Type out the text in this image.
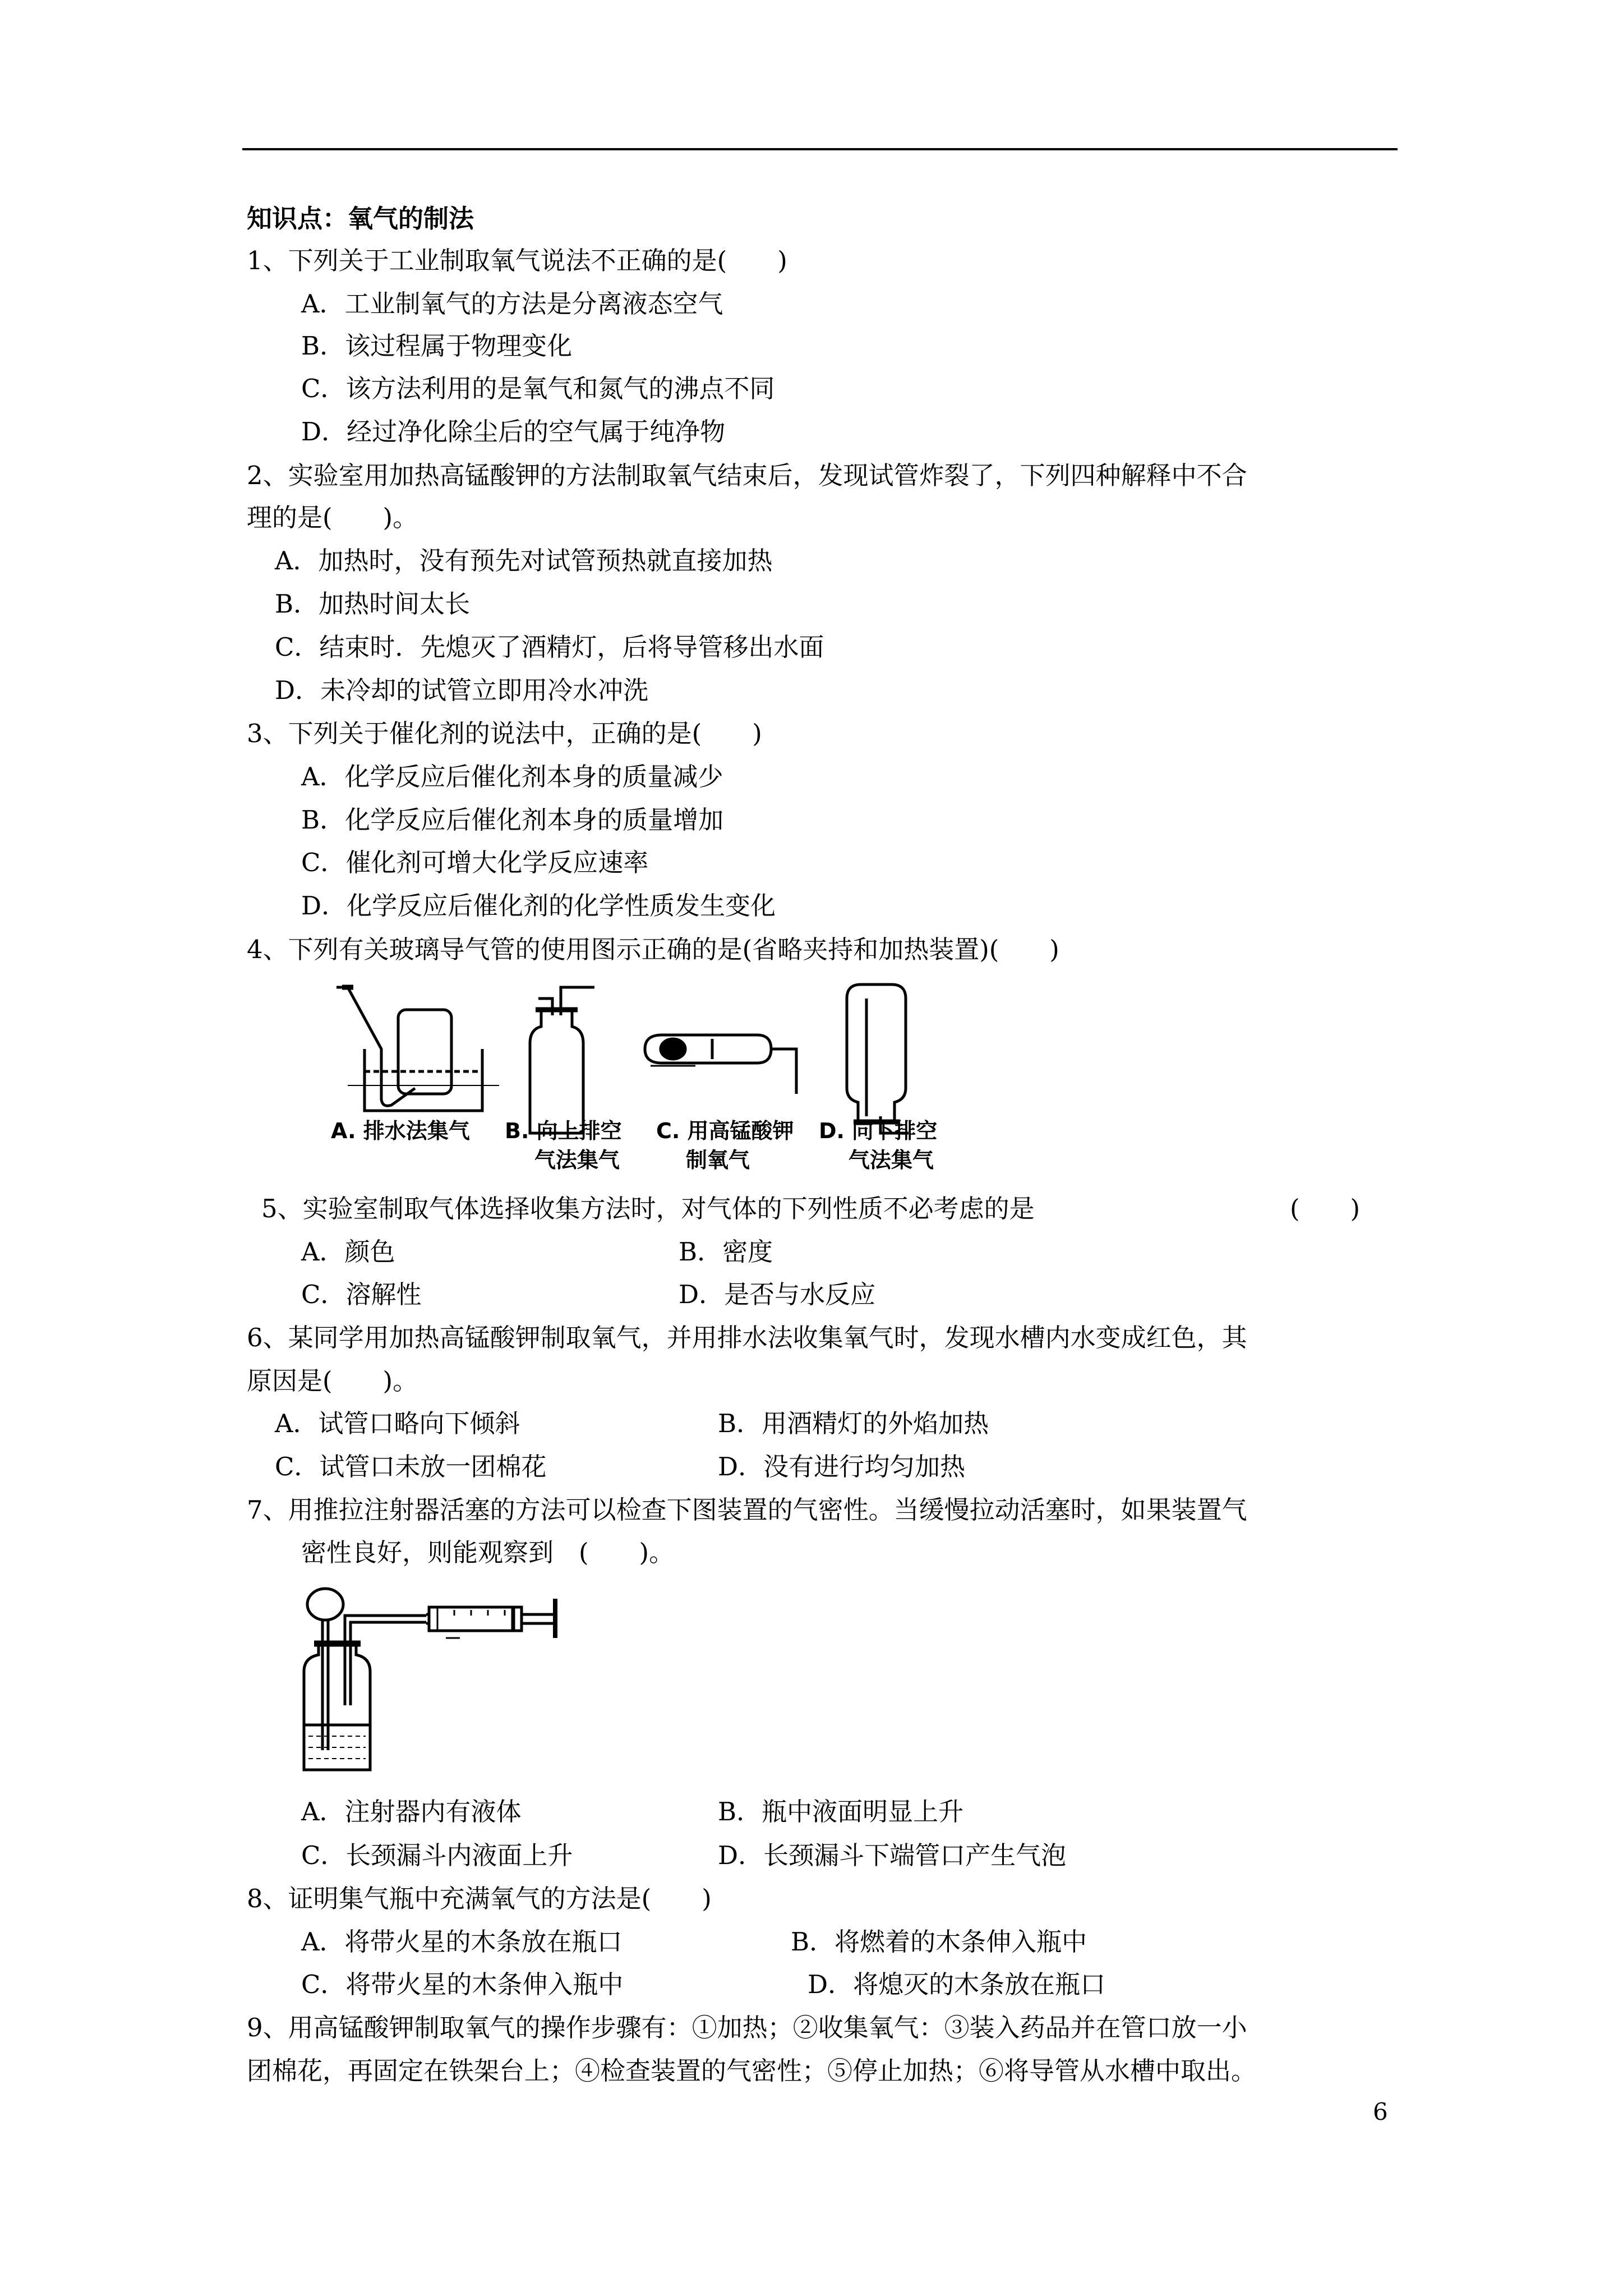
知识点：氧气的制法
1、下列关于工业制取氧气说法不正确的是(　　)
A．工业制氧气的方法是分离液态空气
B．该过程属于物理变化
C．该方法利用的是氧气和氮气的沸点不同
D．经过净化除尘后的空气属于纯净物
2、实验室用加热高锰酸钾的方法制取氧气结束后，发现试管炸裂了，下列四种解释中不合
理的是(　　)。
A．加热时，没有预先对试管预热就直接加热
B．加热时间太长
C．结束时．先熄灭了酒精灯，后将导管移出水面
D．未冷却的试管立即用冷水冲洗
3、下列关于催化剂的说法中，正确的是(　　)
A．化学反应后催化剂本身的质量减少
B．化学反应后催化剂本身的质量增加
C．催化剂可增大化学反应速率
D．化学反应后催化剂的化学性质发生变化
4、下列有关玻璃导气管的使用图示正确的是(省略夹持和加热装置)(　　)
A. 排水法集气 B. 向上排空
气法集气
C. 用高锰酸钾
制氧气
D. 向下排空
气法集气
5、实验室制取气体选择收集方法时，对气体的下列性质不必考虑的是	(　　)
A．颜色	B．密度
C．溶解性	D．是否与水反应
6、某同学用加热高锰酸钾制取氧气，并用排水法收集氧气时，发现水槽内水变成红色，其
原因是(　　)。
A．试管口略向下倾斜	B．用酒精灯的外焰加热
C．试管口未放一团棉花	D．没有进行均匀加热
7、用推拉注射器活塞的方法可以检查下图装置的气密性。当缓慢拉动活塞时，如果装置气
密性良好，则能观察到　(　　)。
A．注射器内有液体	B．瓶中液面明显上升
C．长颈漏斗内液面上升	D．长颈漏斗下端管口产生气泡
8、证明集气瓶中充满氧气的方法是(　　)
A．将带火星的木条放在瓶口	B．将燃着的木条伸入瓶中
C．将带火星的木条伸入瓶中	D．将熄灭的木条放在瓶口
9、用高锰酸钾制取氧气的操作步骤有：①加热；②收集氧气：③装入药品并在管口放一小
团棉花，再固定在铁架台上；④检查装置的气密性；⑤停止加热；⑥将导管从水槽中取出。
6
